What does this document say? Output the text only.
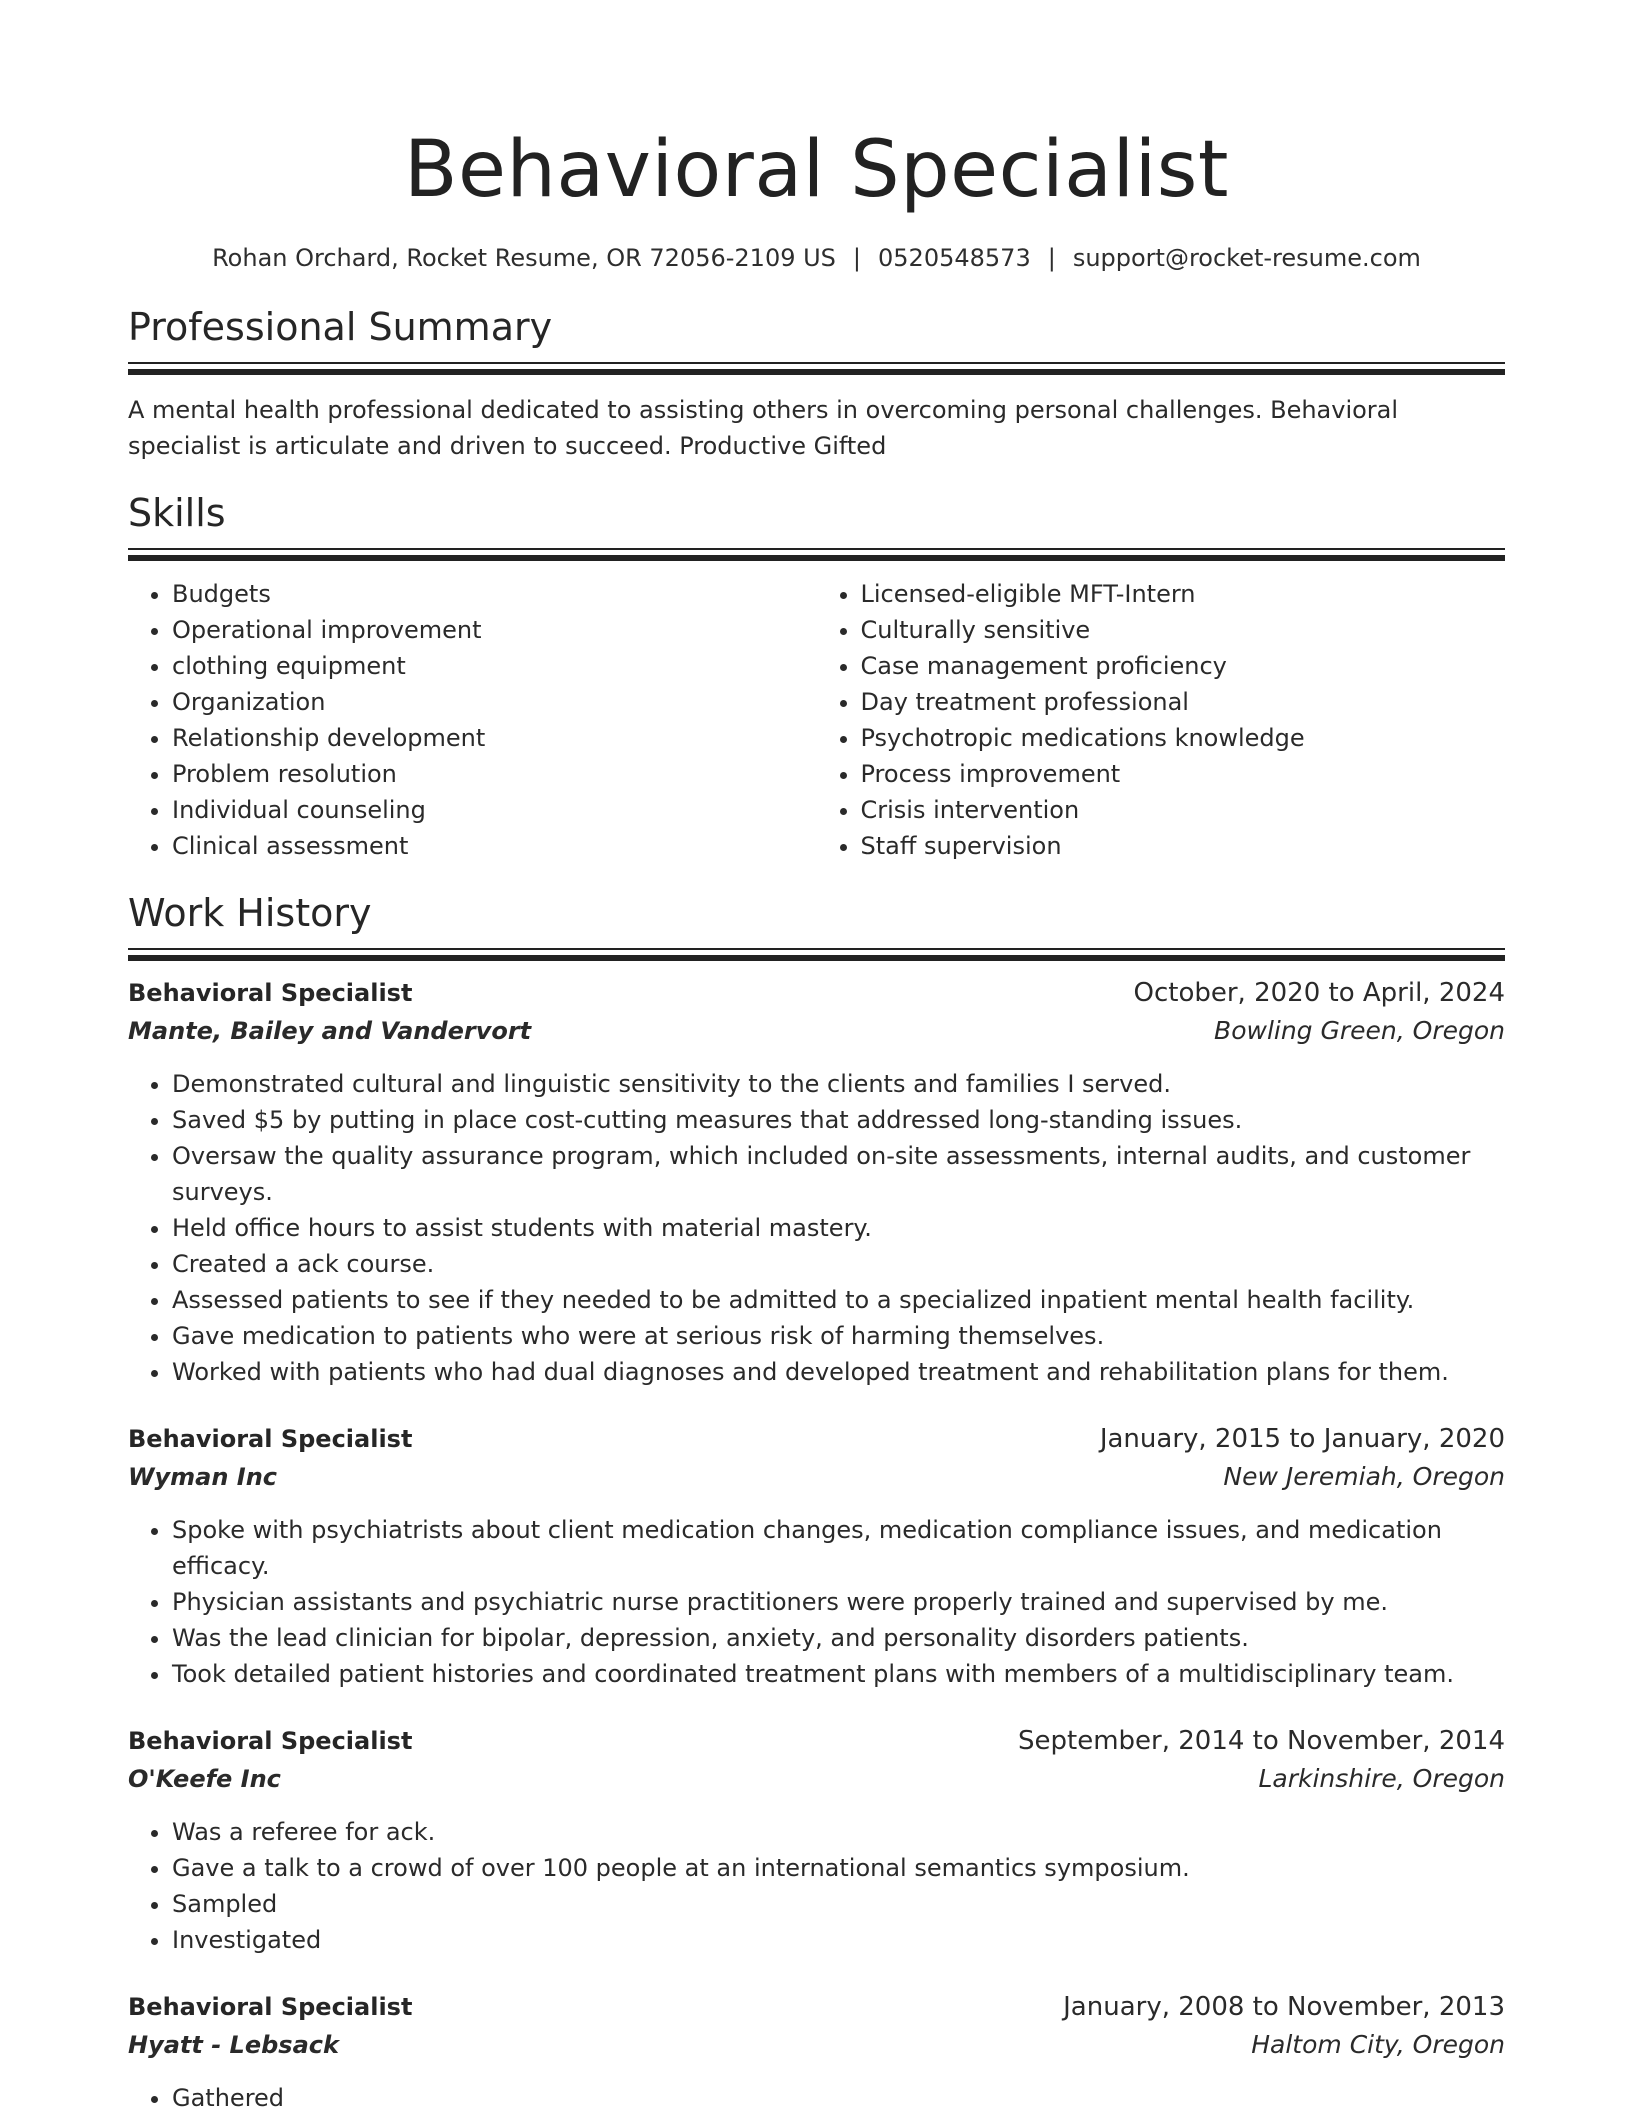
Behavioral Specialist
Rohan Orchard, Rocket Resume, OR 72056-2109 US | 0520548573 | support@rocket-resume.com
Professional Summary

A mental health professional dedicated to assisting others in overcoming personal challenges. Behavioral specialist is articulate and driven to succeed. Productive Gifted

Skills
• Budgets
• Operational improvement
• clothing equipment
• Organization
• Relationship development
• Problem resolution
• Individual counseling
• Clinical assessment
• Licensed-eligible MFT-Intern
• Culturally sensitive
• Case management proficiency
• Day treatment professional
• Psychotropic medications knowledge
• Process improvement
• Crisis intervention
• Staff supervision
Work History
Behavioral Specialist	October, 2020 to April, 2024
Mante, Bailey and Vandervort	Bowling Green, Oregon
• Demonstrated cultural and linguistic sensitivity to the clients and families I served.
• Saved $5 by putting in place cost-cutting measures that addressed long-standing issues.
• Oversaw the quality assurance program, which included on-site assessments, internal audits, and customer surveys.
• Held office hours to assist students with material mastery.
• Created a ack course.
• Assessed patients to see if they needed to be admitted to a specialized inpatient mental health facility.
• Gave medication to patients who were at serious risk of harming themselves.
• Worked with patients who had dual diagnoses and developed treatment and rehabilitation plans for them.
Behavioral Specialist	January, 2015 to January, 2020
Wyman Inc	New Jeremiah, Oregon
• Spoke with psychiatrists about client medication changes, medication compliance issues, and medication efficacy.
• Physician assistants and psychiatric nurse practitioners were properly trained and supervised by me.
• Was the lead clinician for bipolar, depression, anxiety, and personality disorders patients.
• Took detailed patient histories and coordinated treatment plans with members of a multidisciplinary team.
Behavioral Specialist	September, 2014 to November, 2014
O'Keefe Inc	Larkinshire, Oregon
• Was a referee for ack.
• Gave a talk to a crowd of over 100 people at an international semantics symposium.
• Sampled
• Investigated
Behavioral Specialist	January, 2008 to November, 2013
Hyatt - Lebsack	Haltom City, Oregon
• Gathered
